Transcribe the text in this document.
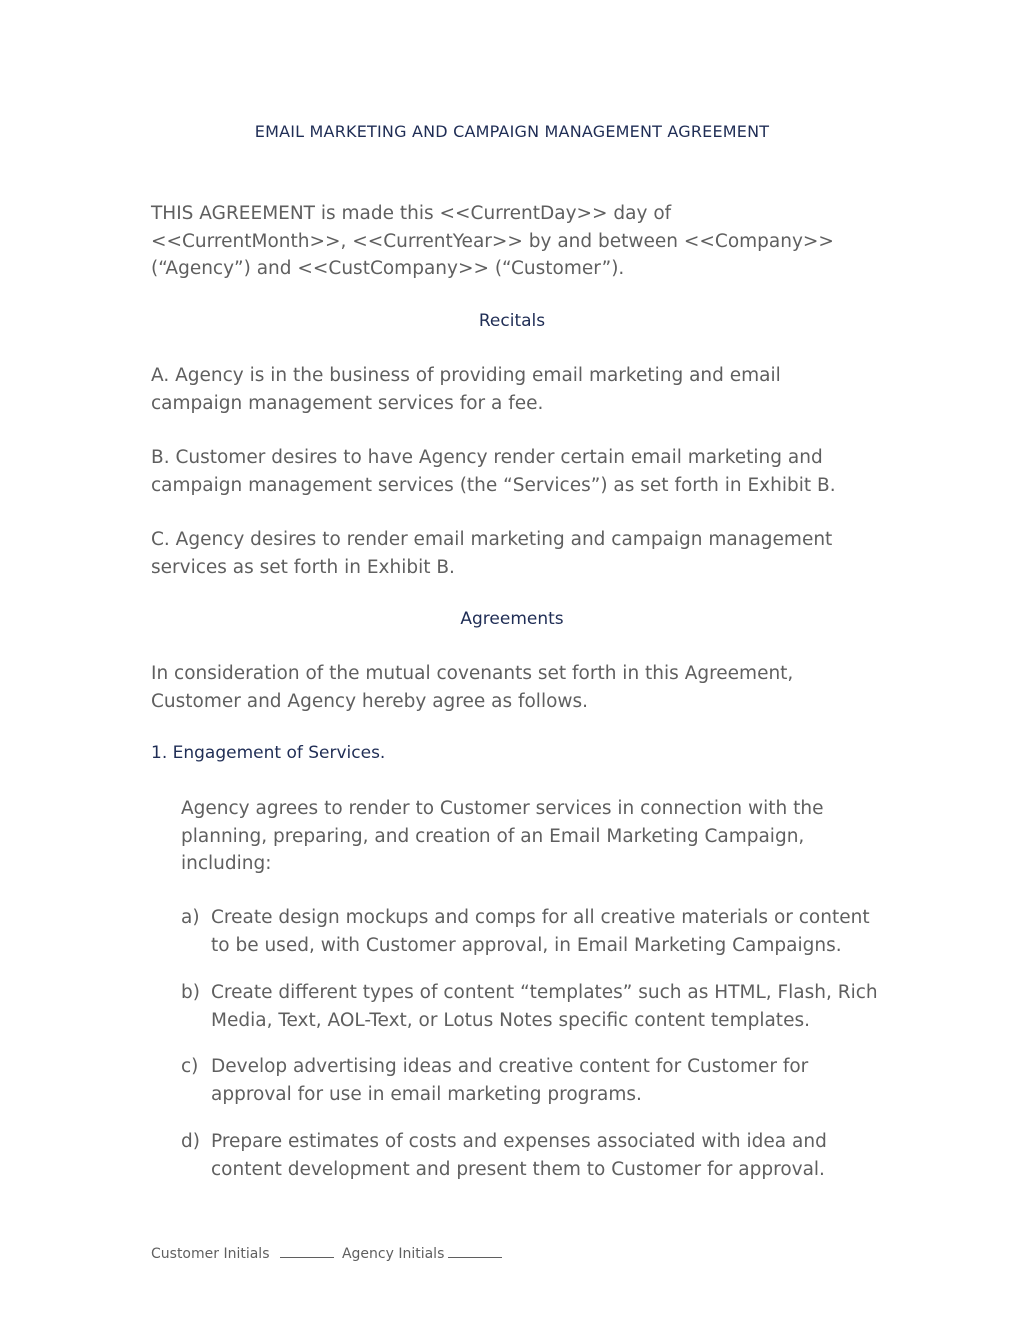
EMAIL MARKETING AND CAMPAIGN MANAGEMENT AGREEMENT
THIS AGREEMENT is made this <<CurrentDay>> day of <<CurrentMonth>>, <<CurrentYear>> by and between <<Company>> (“Agency”) and <<CustCompany>> (“Customer”).
Recitals
A. Agency is in the business of providing email marketing and email campaign management services for a fee.
B. Customer desires to have Agency render certain email marketing and campaign management services (the “Services”) as set forth in Exhibit B.
C. Agency desires to render email marketing and campaign management services as set forth in Exhibit B.
Agreements
In consideration of the mutual covenants set forth in this Agreement, Customer and Agency hereby agree as follows.
1. Engagement of Services.
Agency agrees to render to Customer services in connection with the planning, preparing, and creation of an Email Marketing Campaign, including:
a) Create design mockups and comps for all creative materials or content to be used, with Customer approval, in Email Marketing Campaigns.
b) Create different types of content “templates” such as HTML, Flash, Rich Media, Text, AOL-Text, or Lotus Notes specific content templates.
c) Develop advertising ideas and creative content for Customer for approval for use in email marketing programs.
d) Prepare estimates of costs and expenses associated with idea and content development and present them to Customer for approval.
Customer Initials	Agency Initials
